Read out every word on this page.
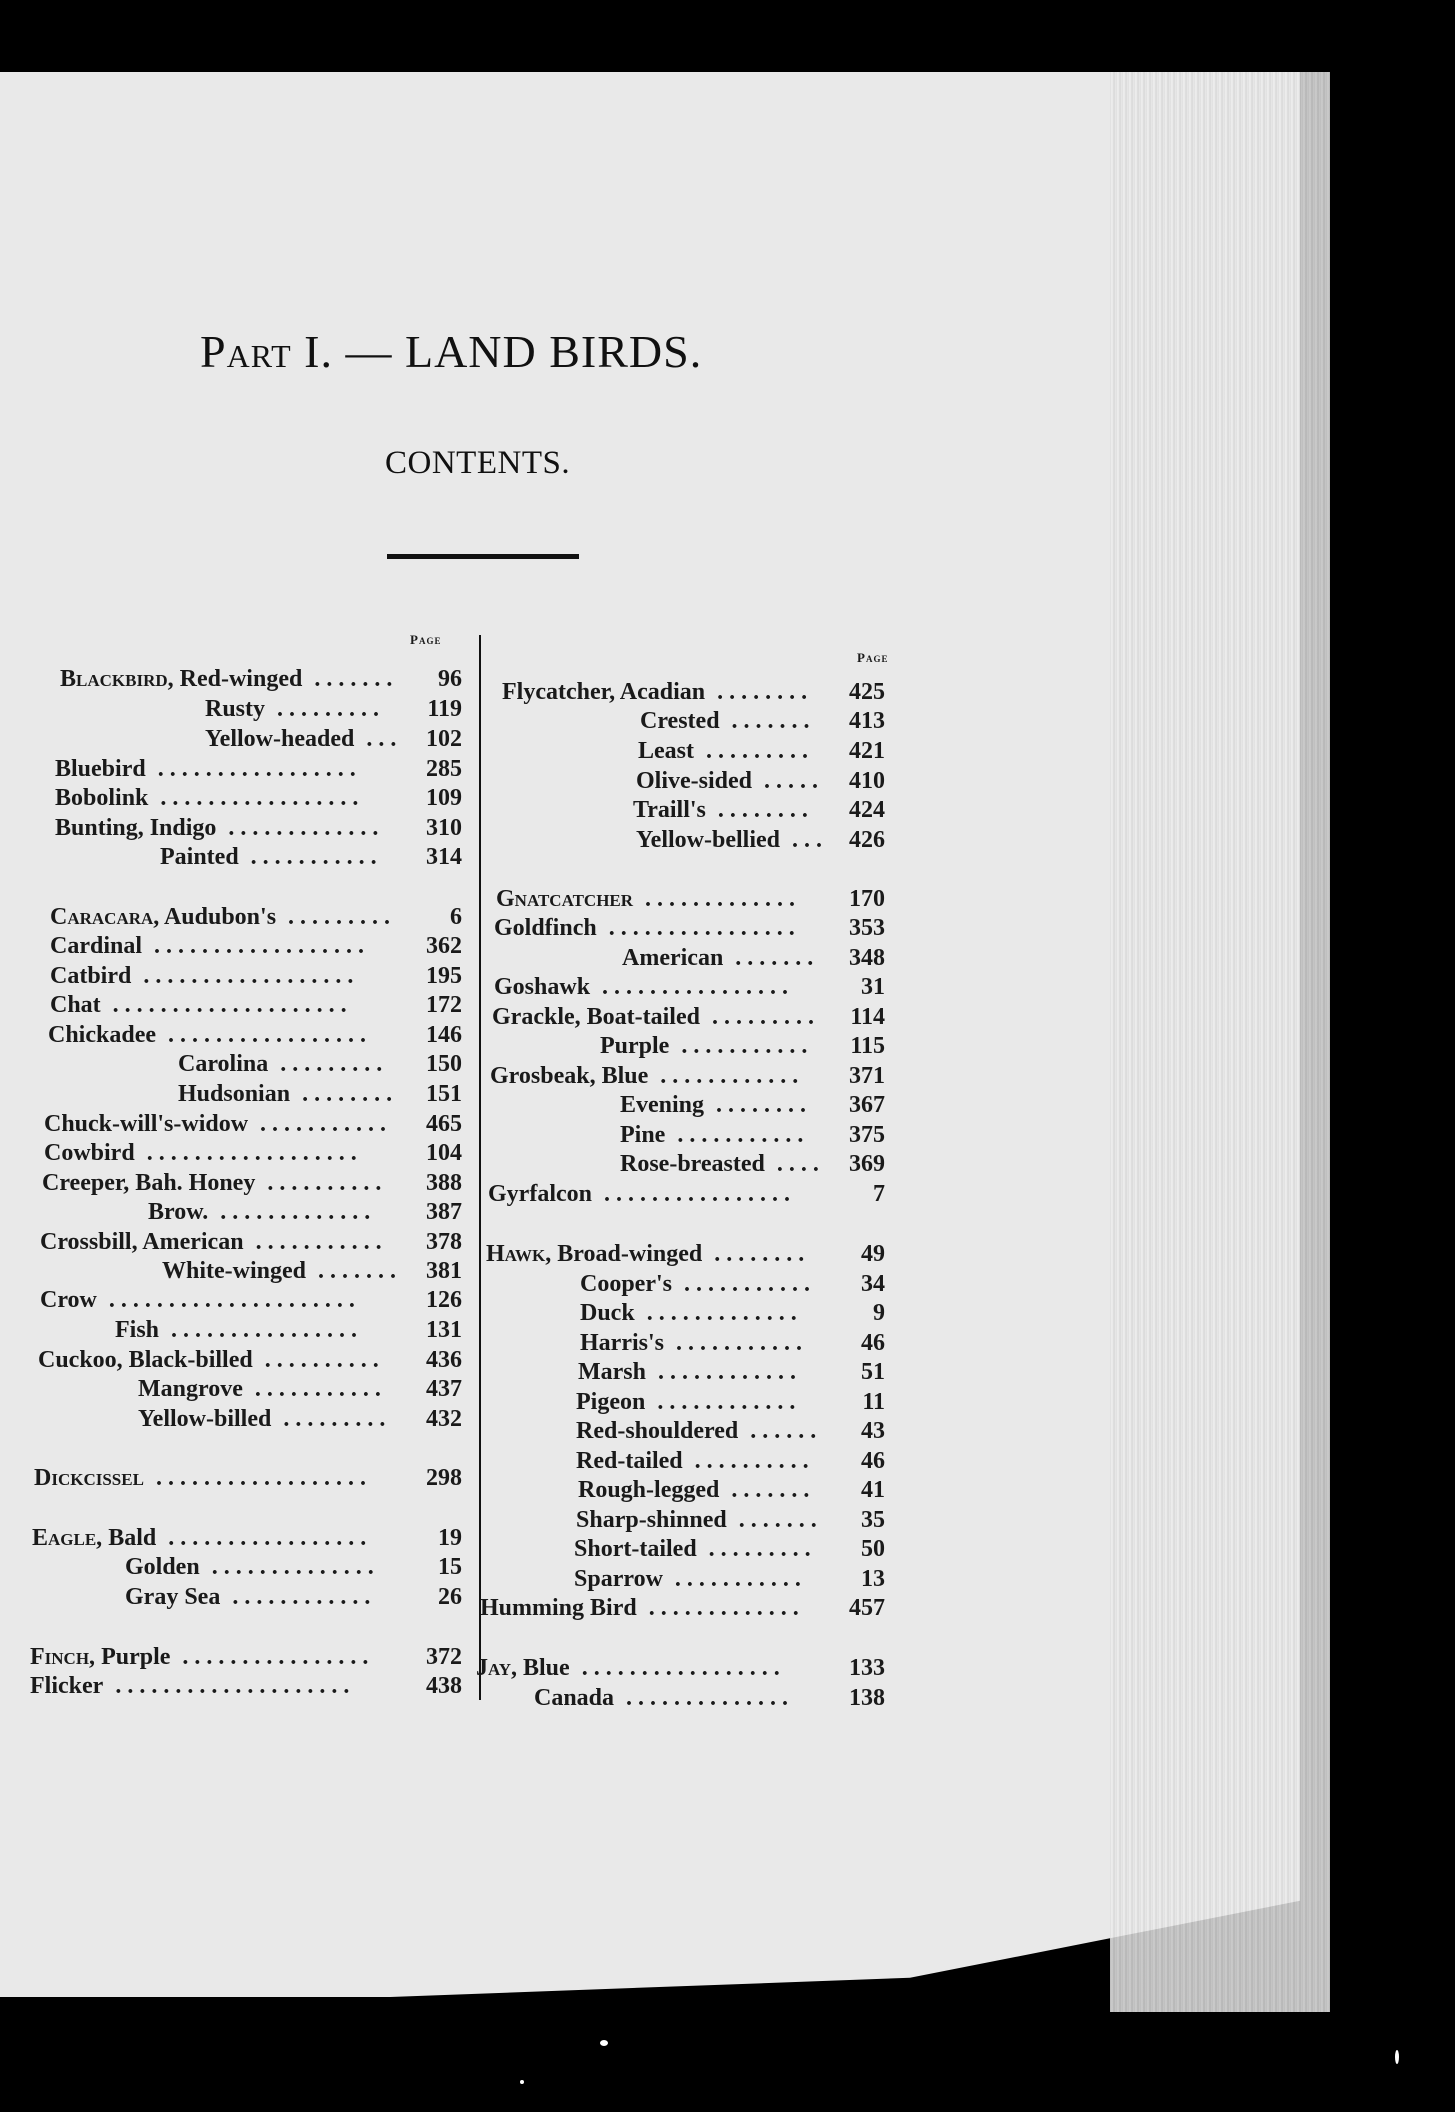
Part I. — LAND BIRDS.
CONTENTS.
Page
Page
Blackbird, Red-winged .......	96
Rusty .........	119
Yellow-headed ... 102
Bluebird .................	285
Bobolink .................	109
Bunting, Indigo .............	310
Painted ...........	314
Caracara, Audubon's .........	6
Cardinal ..................	362
Catbird ..................	195
Chat ....................	172
Chickadee .................	146
Carolina .........	150
Hudsonian ........	151
Chuck-will's-widow ...........	465
Cowbird ..................	104
Creeper, Bah. Honey ..........	388
Brow. .............	387
Crossbill, American ...........	378
White-winged .......	381
Crow .....................	126
Fish ................	131
Cuckoo, Black-billed ..........	436
Mangrove ...........	437
Yellow-billed .........	432
Dickcissel ..................	298
Eagle, Bald .................	19
Golden ..............	15
Gray Sea ............	26
Finch, Purple ................	372
Flicker ....................	438
Flycatcher, Acadian ........	425
Crested .......	413
Least .........	421
Olive-sided .....	410
Traill's ........	424
Yellow-bellied ... 426
Gnatcatcher .............	170
Goldfinch ................	353
American .......	348
Goshawk ................	31
Grackle, Boat-tailed .........	114
Purple ...........	115
Grosbeak, Blue ............	371
Evening ........	367
Pine ...........	375
Rose-breasted ....	369
Gyrfalcon ................	7
Hawk, Broad-winged ........	49
Cooper's ...........	34
Duck .............	9
Harris's ...........	46
Marsh ............	51
Pigeon ............	11
Red-shouldered ......	43
Red-tailed ..........	46
Rough-legged .......	41
Sharp-shinned .......	35
Short-tailed .........	50
Sparrow ...........	13
Humming Bird .............	457
Jay, Blue .................	133
Canada ..............	138
